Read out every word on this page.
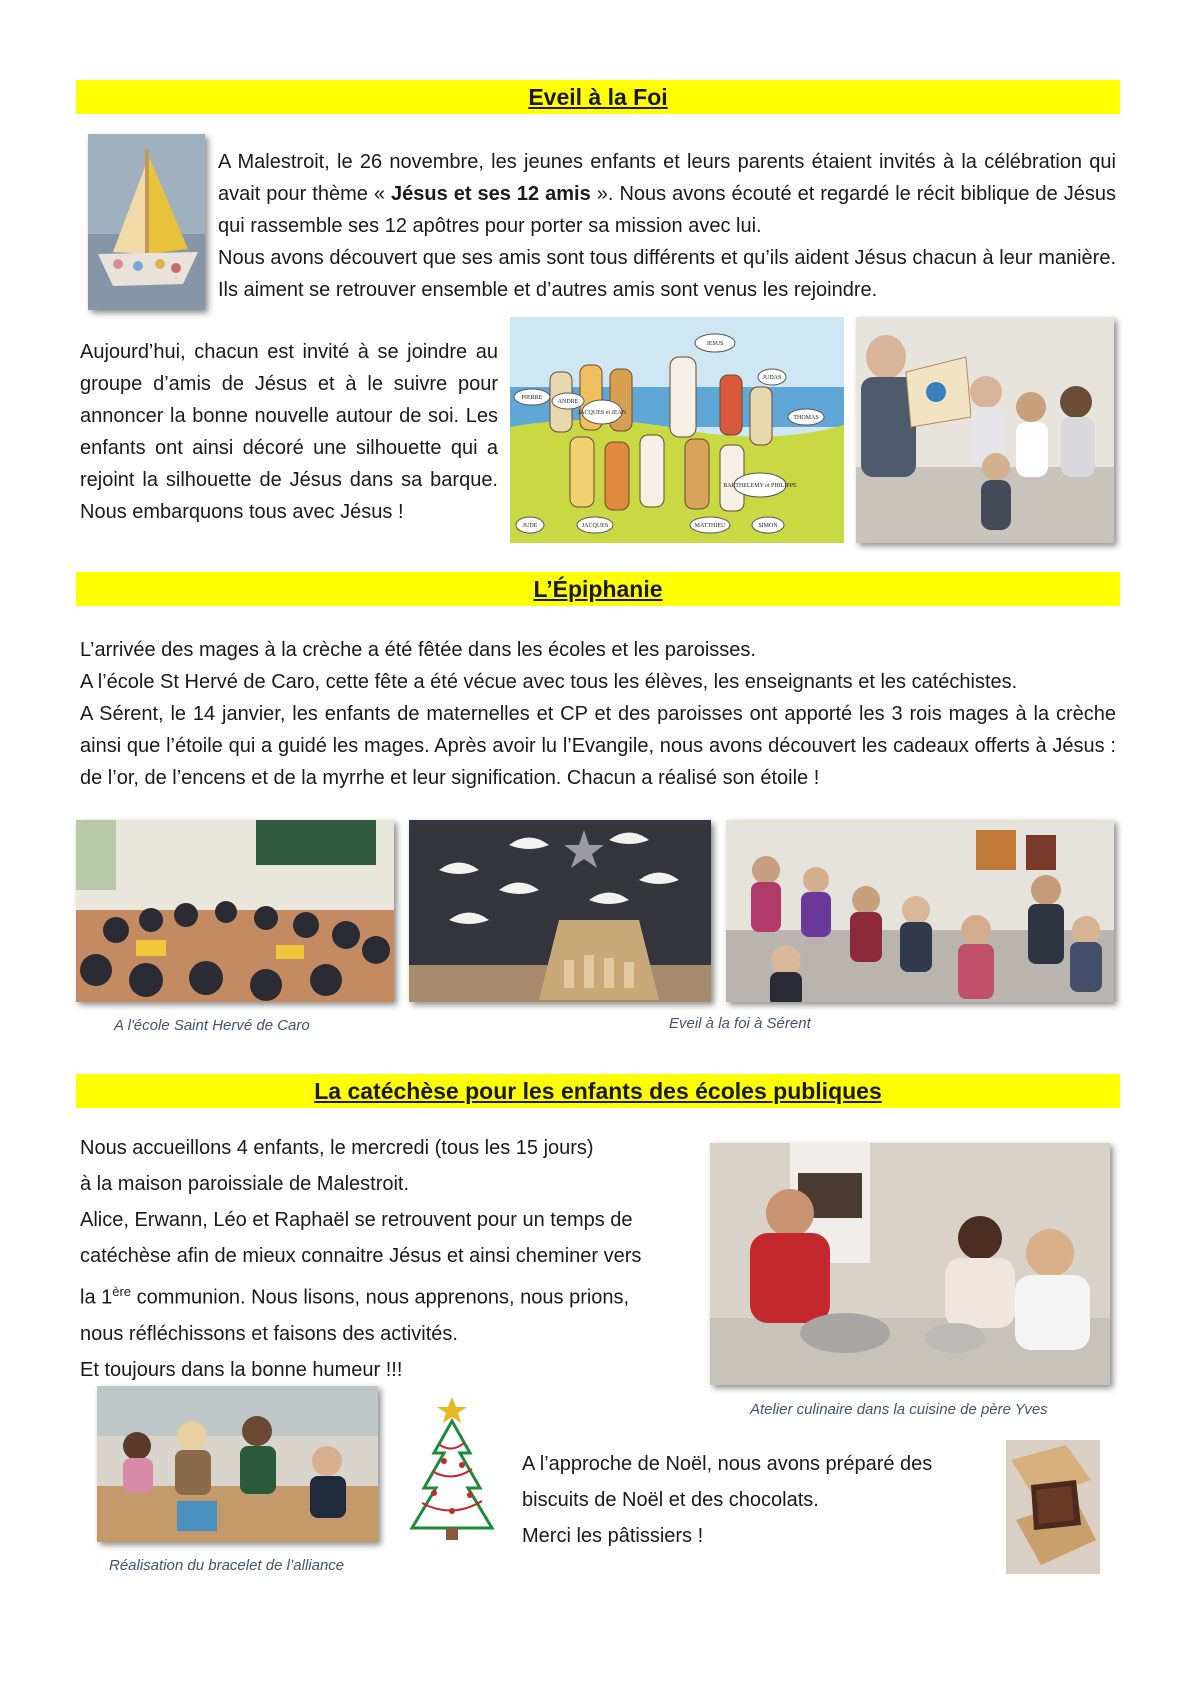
Eveil à la Foi
A Malestroit, le 26 novembre, les jeunes enfants et leurs parents étaient invités à la célébration qui avait pour thème « Jésus et ses 12 amis ». Nous avons écouté et regardé le récit biblique de Jésus qui rassemble ses 12 apôtres pour porter sa mission avec lui.
Nous avons découvert que ses amis sont tous différents et qu’ils aident Jésus chacun à leur manière. Ils aiment se retrouver ensemble et d’autres amis sont venus les rejoindre.
Aujourd’hui, chacun est invité à se joindre au groupe d’amis de Jésus et à le suivre pour annoncer la bonne nouvelle autour de soi. Les enfants ont ainsi décoré une silhouette qui a rejoint la silhouette de Jésus dans sa barque. Nous embarquons tous avec Jésus !
JESUS
PIERRE
ANDRE
JACQUES et JEAN
JUDAS
THOMAS
BARTHELEMY et PHILIPPE
JUDE	JACQUES	MATTHIEU	SIMON
L’Épiphanie
L’arrivée des mages à la crèche a été fêtée dans les écoles et les paroisses.
A l’école St Hervé de Caro, cette fête a été vécue avec tous les élèves, les enseignants et les catéchistes.
A Sérent, le 14 janvier, les enfants de maternelles et CP et des paroisses ont apporté les 3 rois mages à la crèche ainsi que l’étoile qui a guidé les mages. Après avoir lu l’Evangile, nous avons découvert les cadeaux offerts à Jésus : de l’or, de l’encens et de la myrrhe et leur signification. Chacun a réalisé son étoile !
A l'école Saint Hervé de Caro	Eveil à la foi à Sérent
La catéchèse pour les enfants des écoles publiques
Nous accueillons 4 enfants, le mercredi (tous les 15 jours)
à la maison paroissiale de Malestroit.
Alice, Erwann, Léo et Raphaël se retrouvent pour un temps de
catéchèse afin de mieux connaitre Jésus et ainsi cheminer vers
la 1ère communion. Nous lisons, nous apprenons, nous prions,
nous réfléchissons et faisons des activités.
Et toujours dans la bonne humeur !!!
Atelier culinaire dans la cuisine de père Yves
Réalisation du bracelet de l’alliance
A l’approche de Noël, nous avons préparé des
biscuits de Noël et des chocolats.
Merci les pâtissiers !
